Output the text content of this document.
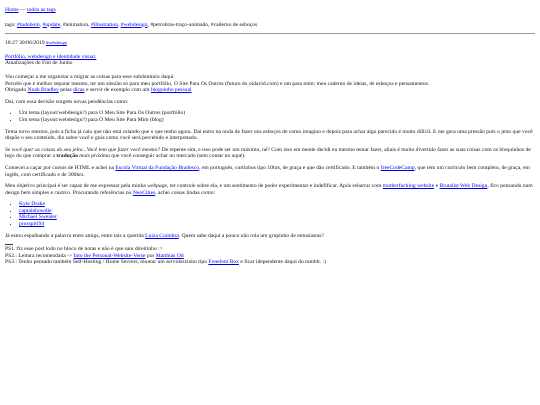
Home — todos as tags
tags: #tudobom, #update, #animation, #illustration, #webdesign, #petrobras-traço-animado, #caderno de esboços
18:27 30/06/2019 #webdesign

Portfólio, webdesign e identidade visual.

Atualizações de Fim de Junho

Vou começar a me organizar a migrar as coisas para esse subdomínio daqui.

Percebi que é melhor separar mesmo, ter um sitezão só para meu portfólio, O Site Para Os Outros (futuro do oidavid.com) e um para mim: meu caderno de ideias, de esboços e pensamentos.

Obrigado Noah Bradley pelas dicas e servir de exemplo com um bloguinho pessoal

Daí, com essa decisão surgem novas pendências como:

• Um tema (layout/webdesign?) para O Meu Site Para Os Outros (portfólio)
• Um tema (layout/webdesign?) para O Meu Site Para Mim (blog)

Tema novo mesmo, pois a ficha já caiu que não está rolando que o que tenho agora. Daí entro na onda de fazer uns esboços de como imagino e depois para achar algo parecido é muito difícil. E me gera uma pressão pois o jeito que você dispõe o seu conteúdo, diz sobre você e guia como você será percebido e interpretado.

Se você quer as coisas do seu jeito...Você tem que fazer você mesmo? De repente sim, e isso pode ser um máximo, né? Com isso em mente decidi eu mesmo tentar fazer, aliais é muito divertido fazer as suas coisas com os bloquinhos de lego do que comprar a tradução mais próxima que você conseguir achar no mercado (sem contar no aqué).

Comecei a caçar por cursos de HTML e achei na Escola Virtual da Fundação Bradesco, em português, curtinhos tipo 10hrs, de graça e que dão certificado. E também o freeCodeCamp, que tem um curriculo bem completo, de graça, em inglês, com certificado e de 300hrs.

Meu objetivo principal é ser capaz de me expressar pela minha webpage, ter controle sobre ela, e um sentimento de poder experimentar e indefificar. Após esbarrar com motherfucking website e Brutalist Web Design, fico pensando num design bem simples e rústico. Procurando referências no NeoCities, achei coisas lindas como:

• Kyle Drake
• captainhowdie
• Michael Sweater
• prosspirl94

Já estou espalhando a palavra entre amigs, entre tais a querida Luiza Coimbra. Quem sabe daqui a pouco não rola um grupinho de entusiastas?

PS1.:fiz esse post todo no bloco de notas e não é que saiu direitinho :>

PS2.: Leitura recomendada -> Into the Personal-Website-Verse por Matthias Ott

PS3.: Tenho pensado também Self-Hosting / Home Servers, montar um servidorzinho tipo Freedom Box e ficar idependente daqui do tumblr. :)
